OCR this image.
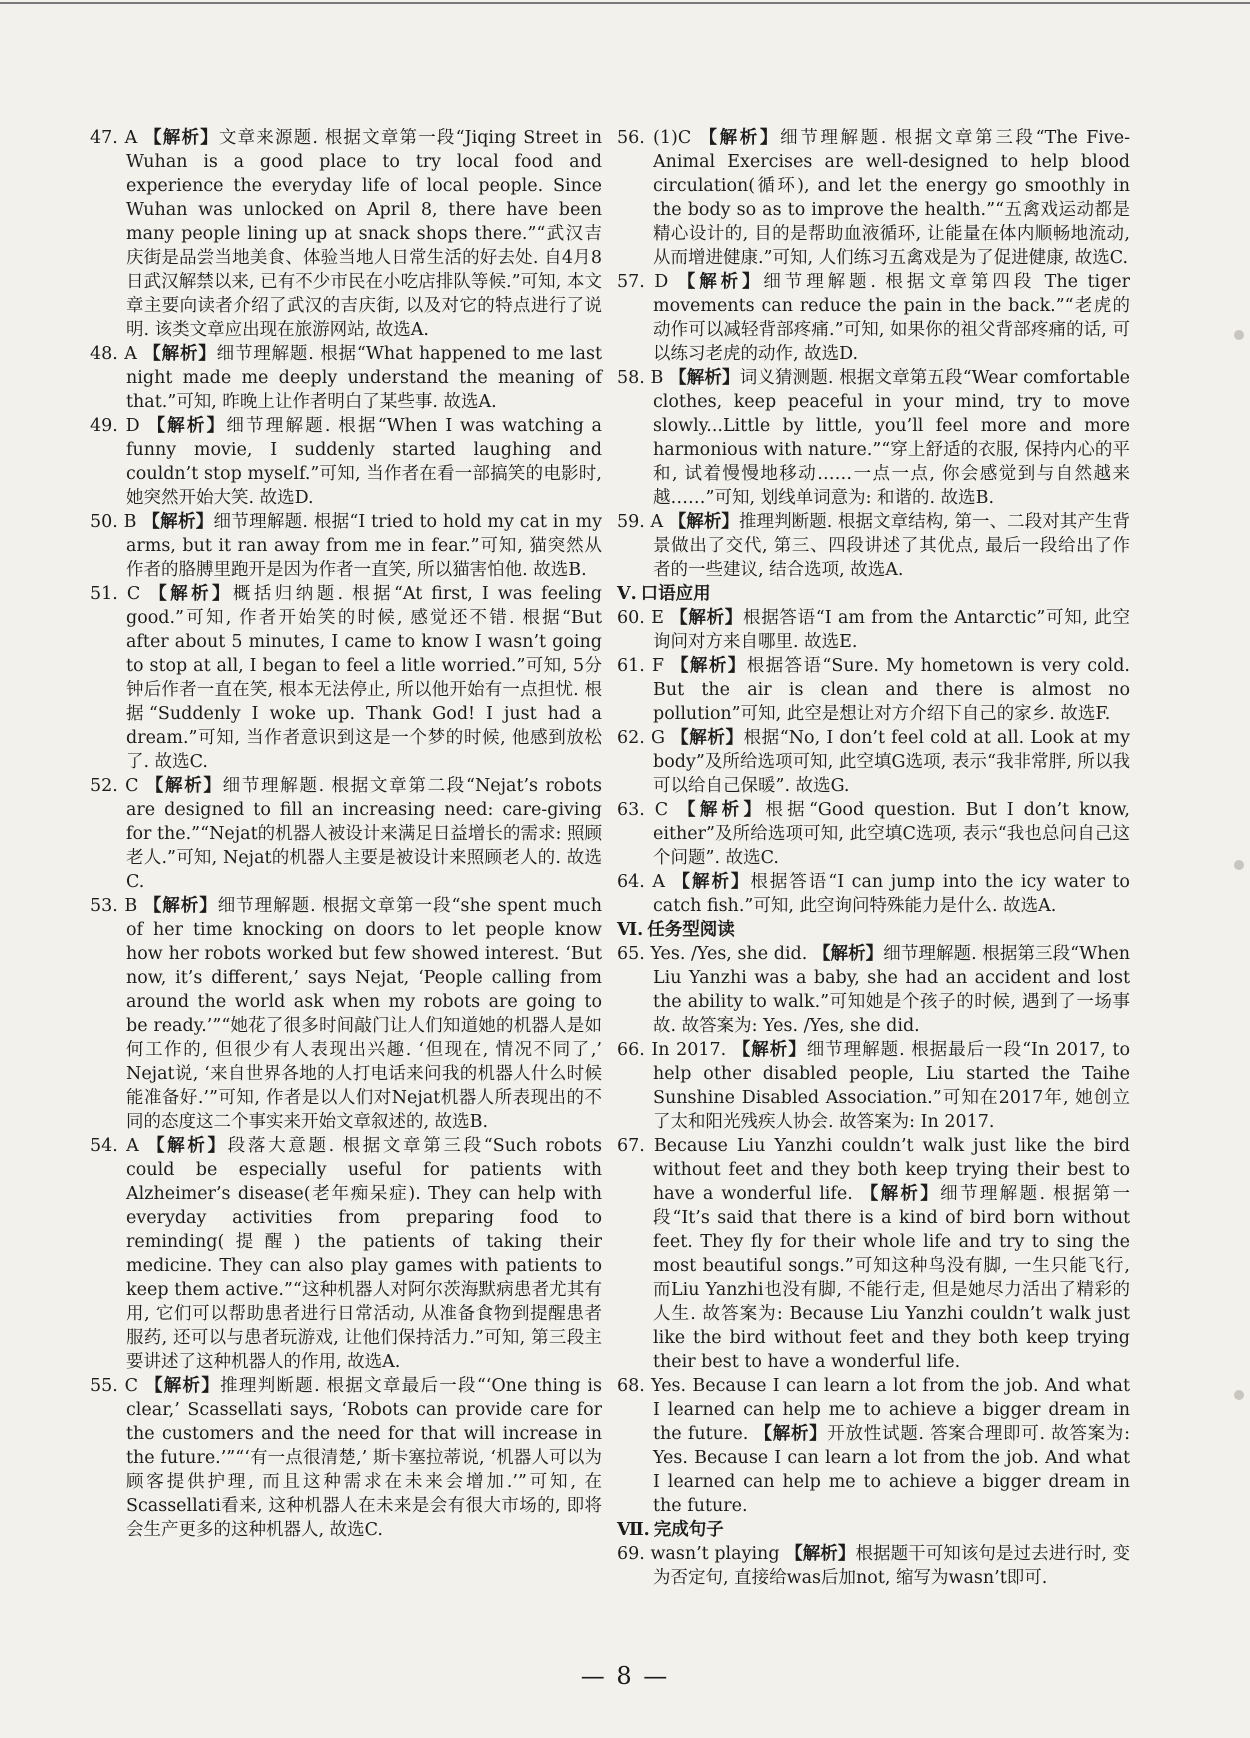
47. A 【解析】文章来源题. 根据文章第一段“Jiqing Street in Wuhan is a good place to try local food and experience the everyday life of local people. Since Wuhan was unlocked on April 8, there have been many people lining up at snack shops there.”“武汉吉庆街是品尝当地美食、体验当地人日常生活的好去处. 自4月8日武汉解禁以来, 已有不少市民在小吃店排队等候.”可知, 本文章主要向读者介绍了武汉的吉庆街, 以及对它的特点进行了说明. 该类文章应出现在旅游网站, 故选A.
48. A 【解析】细节理解题. 根据“What happened to me last night made me deeply understand the meaning of that.”可知, 昨晚上让作者明白了某些事. 故选A.
49. D 【解析】细节理解题. 根据“When I was watching a funny movie, I suddenly started laughing and couldn’t stop myself.”可知, 当作者在看一部搞笑的电影时, 她突然开始大笑. 故选D.
50. B 【解析】细节理解题. 根据“I tried to hold my cat in my arms, but it ran away from me in fear.”可知, 猫突然从作者的胳膊里跑开是因为作者一直笑, 所以猫害怕他. 故选B.
51. C 【解析】概括归纳题. 根据“At first, I was feeling good.”可知, 作者开始笑的时候, 感觉还不错. 根据“But after about 5 minutes, I came to know I wasn’t going to stop at all, I began to feel a litle worried.”可知, 5分钟后作者一直在笑, 根本无法停止, 所以他开始有一点担忧. 根据“Suddenly I woke up. Thank God! I just had a dream.”可知, 当作者意识到这是一个梦的时候, 他感到放松了. 故选C.
52. C 【解析】细节理解题. 根据文章第二段“Nejat’s robots are designed to fill an increasing need: care-giving for the.”“Nejat的机器人被设计来满足日益增长的需求: 照顾老人.”可知, Nejat的机器人主要是被设计来照顾老人的. 故选C.
53. B 【解析】细节理解题. 根据文章第一段“she spent much of her time knocking on doors to let people know how her robots worked but few showed interest. ‘But now, it’s different,’ says Nejat, ‘People calling from around the world ask when my robots are going to be ready.’”“她花了很多时间敲门让人们知道她的机器人是如何工作的, 但很少有人表现出兴趣. ‘但现在, 情况不同了,’ Nejat说, ‘来自世界各地的人打电话来问我的机器人什么时候能准备好.’”可知, 作者是以人们对Nejat机器人所表现出的不同的态度这二个事实来开始文章叙述的, 故选B.
54. A 【解析】段落大意题. 根据文章第三段“Such robots could be especially useful for patients with Alzheimer’s disease(老年痴呆症). They can help with everyday activities from preparing food to reminding(提醒) the patients of taking their medicine. They can also play games with patients to keep them active.”“这种机器人对阿尔茨海默病患者尤其有用, 它们可以帮助患者进行日常活动, 从准备食物到提醒患者服药, 还可以与患者玩游戏, 让他们保持活力.”可知, 第三段主要讲述了这种机器人的作用, 故选A.
55. C 【解析】推理判断题. 根据文章最后一段“‘One thing is clear,’ Scassellati says, ‘Robots can provide care for the customers and the need for that will increase in the future.’”“‘有一点很清楚,’ 斯卡塞拉蒂说, ‘机器人可以为顾客提供护理, 而且这种需求在未来会增加.’”可知, 在Scassellati看来, 这种机器人在未来是会有很大市场的, 即将会生产更多的这种机器人, 故选C.
56. (1)C 【解析】细节理解题. 根据文章第三段“The Five-Animal Exercises are well-designed to help blood circulation(循环), and let the energy go smoothly in the body so as to improve the health.”“五禽戏运动都是精心设计的, 目的是帮助血液循环, 让能量在体内顺畅地流动, 从而增进健康.”可知, 人们练习五禽戏是为了促进健康, 故选C.
57. D 【解析】细节理解题. 根据文章第四段 The tiger movements can reduce the pain in the back.”“老虎的动作可以减轻背部疼痛.”可知, 如果你的祖父背部疼痛的话, 可以练习老虎的动作, 故选D.
58. B 【解析】词义猜测题. 根据文章第五段“Wear comfortable clothes, keep peaceful in your mind, try to move slowly...Little by little, you’ll feel more and more harmonious with nature.”“穿上舒适的衣服, 保持内心的平和, 试着慢慢地移动……一点一点, 你会感觉到与自然越来越……”可知, 划线单词意为: 和谐的. 故选B.
59. A 【解析】推理判断题. 根据文章结构, 第一、二段对其产生背景做出了交代, 第三、四段讲述了其优点, 最后一段给出了作者的一些建议, 结合选项, 故选A.
Ⅴ. 口语应用
60. E 【解析】根据答语“I am from the Antarctic”可知, 此空询问对方来自哪里. 故选E.
61. F 【解析】根据答语“Sure. My hometown is very cold. But the air is clean and there is almost no pollution”可知, 此空是想让对方介绍下自己的家乡. 故选F.
62. G 【解析】根据“No, I don’t feel cold at all. Look at my body”及所给选项可知, 此空填G选项, 表示“我非常胖, 所以我可以给自己保暖”. 故选G.
63. C 【解析】根据“Good question. But I don’t know, either”及所给选项可知, 此空填C选项, 表示“我也总问自己这个问题”. 故选C.
64. A 【解析】根据答语“I can jump into the icy water to catch fish.”可知, 此空询问特殊能力是什么. 故选A.
Ⅵ. 任务型阅读
65. Yes. /Yes, she did. 【解析】细节理解题. 根据第三段“When Liu Yanzhi was a baby, she had an accident and lost the ability to walk.”可知她是个孩子的时候, 遇到了一场事故. 故答案为: Yes. /Yes, she did.
66. In 2017. 【解析】细节理解题. 根据最后一段“In 2017, to help other disabled people, Liu started the Taihe Sunshine Disabled Association.”可知在2017年, 她创立了太和阳光残疾人协会. 故答案为: In 2017.
67. Because Liu Yanzhi couldn’t walk just like the bird without feet and they both keep trying their best to have a wonderful life. 【解析】细节理解题. 根据第一段“It’s said that there is a kind of bird born without feet. They fly for their whole life and try to sing the most beautiful songs.”可知这种鸟没有脚, 一生只能飞行, 而Liu Yanzhi也没有脚, 不能行走, 但是她尽力活出了精彩的人生. 故答案为: Because Liu Yanzhi couldn’t walk just like the bird without feet and they both keep trying their best to have a wonderful life.
68. Yes. Because I can learn a lot from the job. And what I learned can help me to achieve a bigger dream in the future. 【解析】开放性试题. 答案合理即可. 故答案为: Yes. Because I can learn a lot from the job. And what I learned can help me to achieve a bigger dream in the future.
Ⅶ. 完成句子
69. wasn’t playing 【解析】根据题干可知该句是过去进行时, 变为否定句, 直接给was后加not, 缩写为wasn’t即可.
— 8 —
